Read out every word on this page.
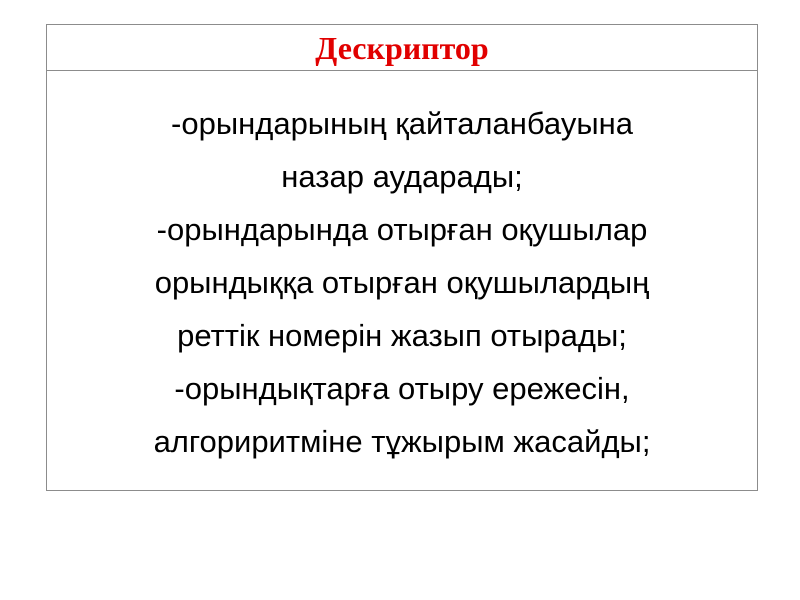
Дескриптор
-орындарының қайталанбауына
назар аударады;
-орындарында отырған оқушылар
орындыққа отырған оқушылардың
реттік номерін жазып отырады;
-орындықтарға отыру ережесін,
алгориритміне тұжырым жасайды;
